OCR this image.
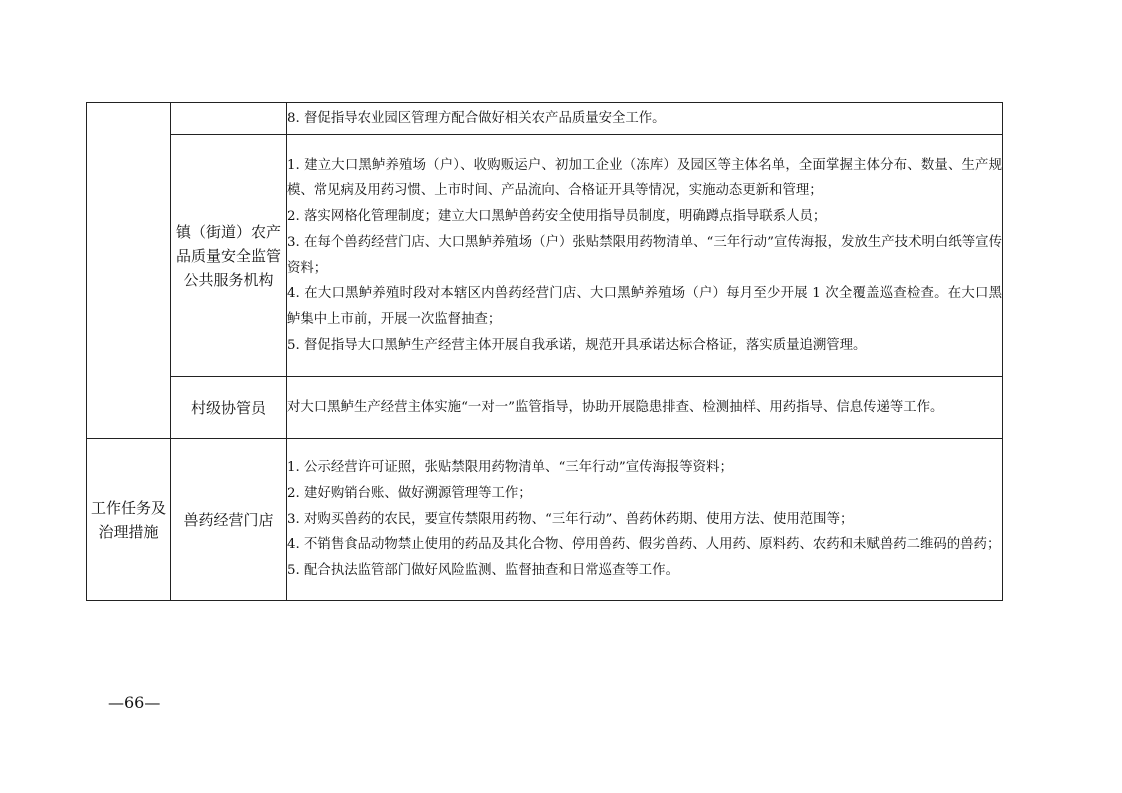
		8. 督促指导农业园区管理方配合做好相关农产品质量安全工作。

	镇（街道）农产品质量安全监管公共服务机构	1. 建立大口黑鲈养殖场（户）、收购贩运户、初加工企业（冻库）及园区等主体名单，全面掌握主体分布、数量、生产规模、常见病及用药习惯、上市时间、产品流向、合格证开具等情况，实施动态更新和管理；
2. 落实网格化管理制度；建立大口黑鲈兽药安全使用指导员制度，明确蹲点指导联系人员；
3. 在每个兽药经营门店、大口黑鲈养殖场（户）张贴禁限用药物清单、“三年行动”宣传海报，发放生产技术明白纸等宣传资料；
4. 在大口黑鲈养殖时段对本辖区内兽药经营门店、大口黑鲈养殖场（户）每月至少开展 1 次全覆盖巡查检查。在大口黑鲈集中上市前，开展一次监督抽查；
5. 督促指导大口黑鲈生产经营主体开展自我承诺，规范开具承诺达标合格证，落实质量追溯管理。

	村级协管员	对大口黑鲈生产经营主体实施“一对一”监管指导，协助开展隐患排查、检测抽样、用药指导、信息传递等工作。

工作任务及治理措施	兽药经营门店	1. 公示经营许可证照，张贴禁限用药物清单、“三年行动”宣传海报等资料；
2. 建好购销台账、做好溯源管理等工作；
3. 对购买兽药的农民，要宣传禁限用药物、“三年行动”、兽药休药期、使用方法、使用范围等；
4. 不销售食品动物禁止使用的药品及其化合物、停用兽药、假劣兽药、人用药、原料药、农药和未赋兽药二维码的兽药；
5. 配合执法监管部门做好风险监测、监督抽查和日常巡查等工作。
—66—
